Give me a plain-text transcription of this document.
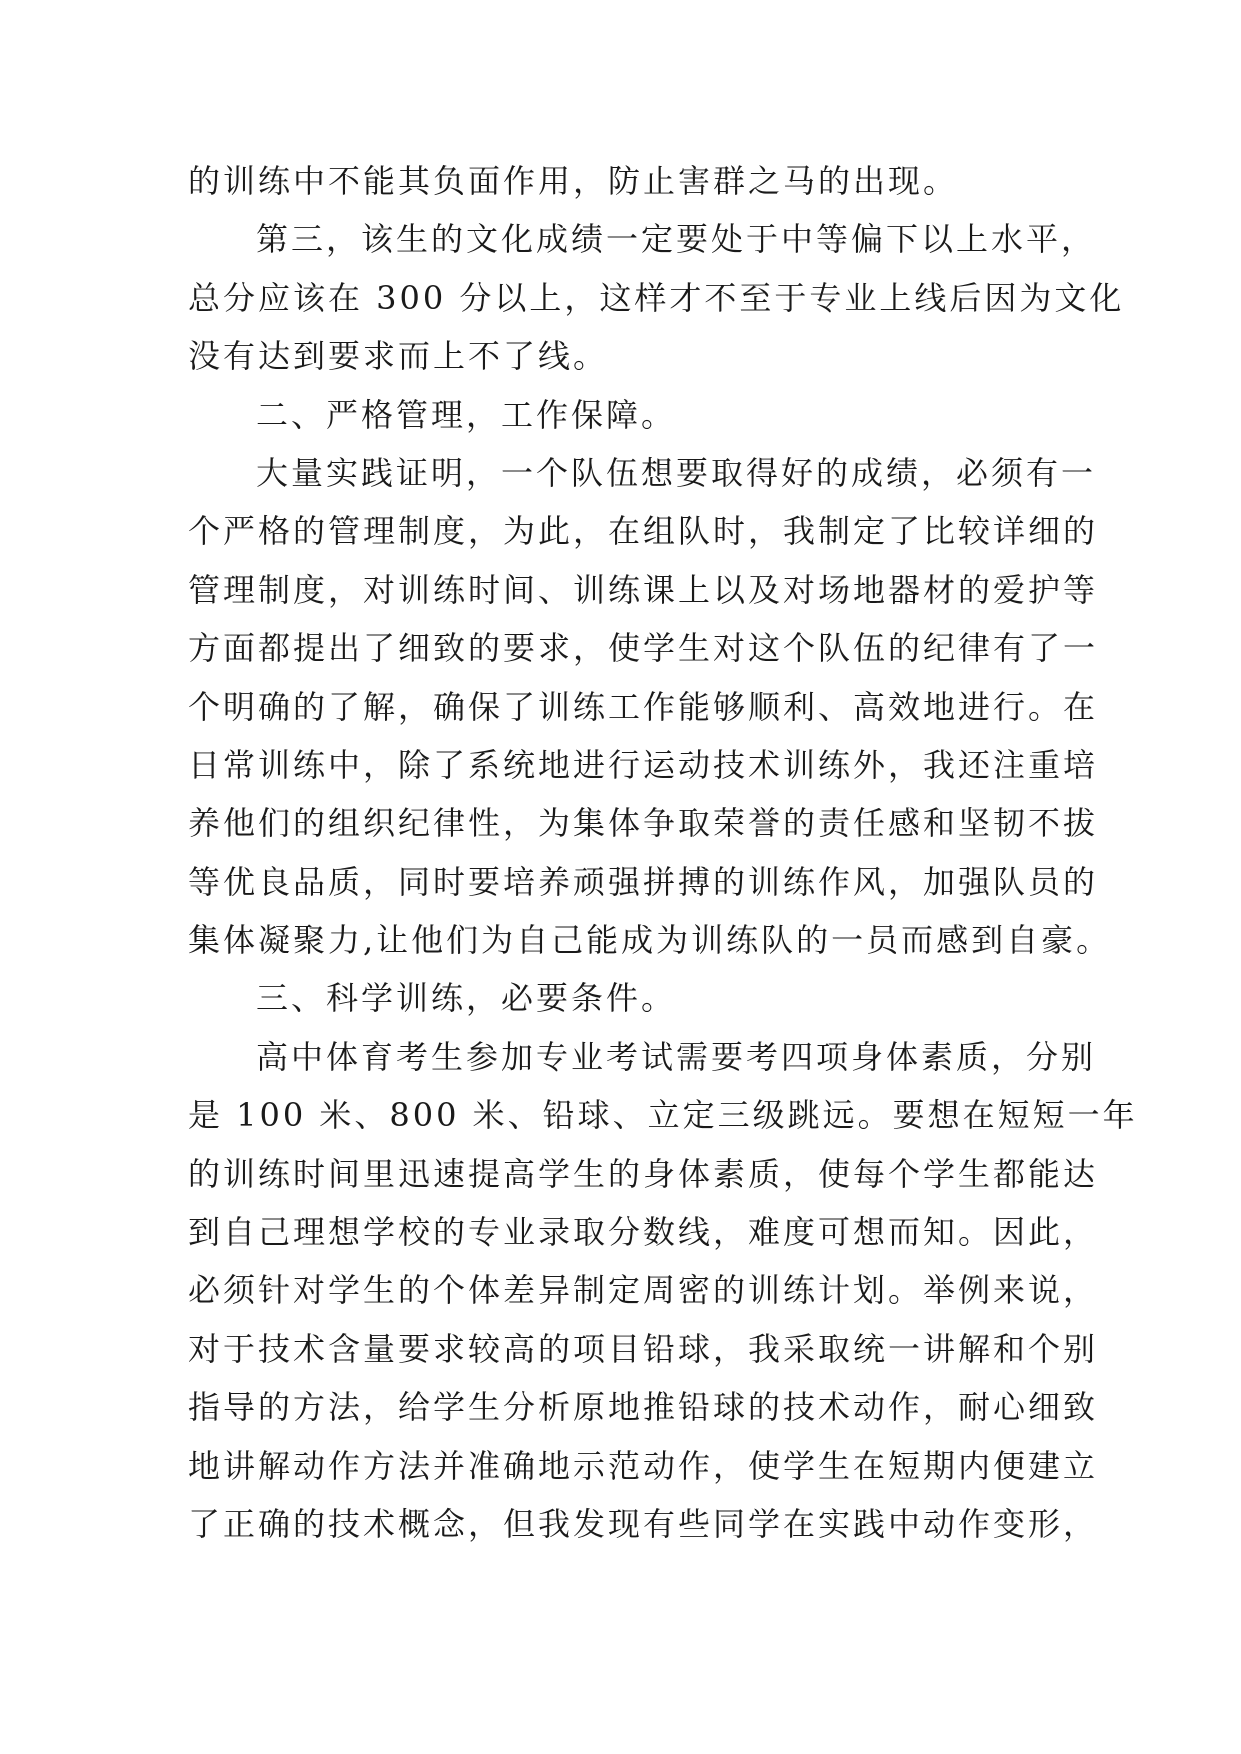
的训练中不能其负面作用，防止害群之马的出现。
第三，该生的文化成绩一定要处于中等偏下以上水平，
总分应该在 300 分以上，这样才不至于专业上线后因为文化
没有达到要求而上不了线。
二、严格管理，工作保障。
大量实践证明，一个队伍想要取得好的成绩，必须有一
个严格的管理制度，为此，在组队时，我制定了比较详细的
管理制度，对训练时间、训练课上以及对场地器材的爱护等
方面都提出了细致的要求，使学生对这个队伍的纪律有了一
个明确的了解，确保了训练工作能够顺利、高效地进行。在
日常训练中，除了系统地进行运动技术训练外，我还注重培
养他们的组织纪律性，为集体争取荣誉的责任感和坚韧不拔
等优良品质，同时要培养顽强拼搏的训练作风，加强队员的
集体凝聚力,让他们为自己能成为训练队的一员而感到自豪。
三、科学训练，必要条件。
高中体育考生参加专业考试需要考四项身体素质，分别
是 100 米、800 米、铅球、立定三级跳远。要想在短短一年
的训练时间里迅速提高学生的身体素质，使每个学生都能达
到自己理想学校的专业录取分数线，难度可想而知。因此，
必须针对学生的个体差异制定周密的训练计划。举例来说，
对于技术含量要求较高的项目铅球，我采取统一讲解和个别
指导的方法，给学生分析原地推铅球的技术动作，耐心细致
地讲解动作方法并准确地示范动作，使学生在短期内便建立
了正确的技术概念，但我发现有些同学在实践中动作变形，
